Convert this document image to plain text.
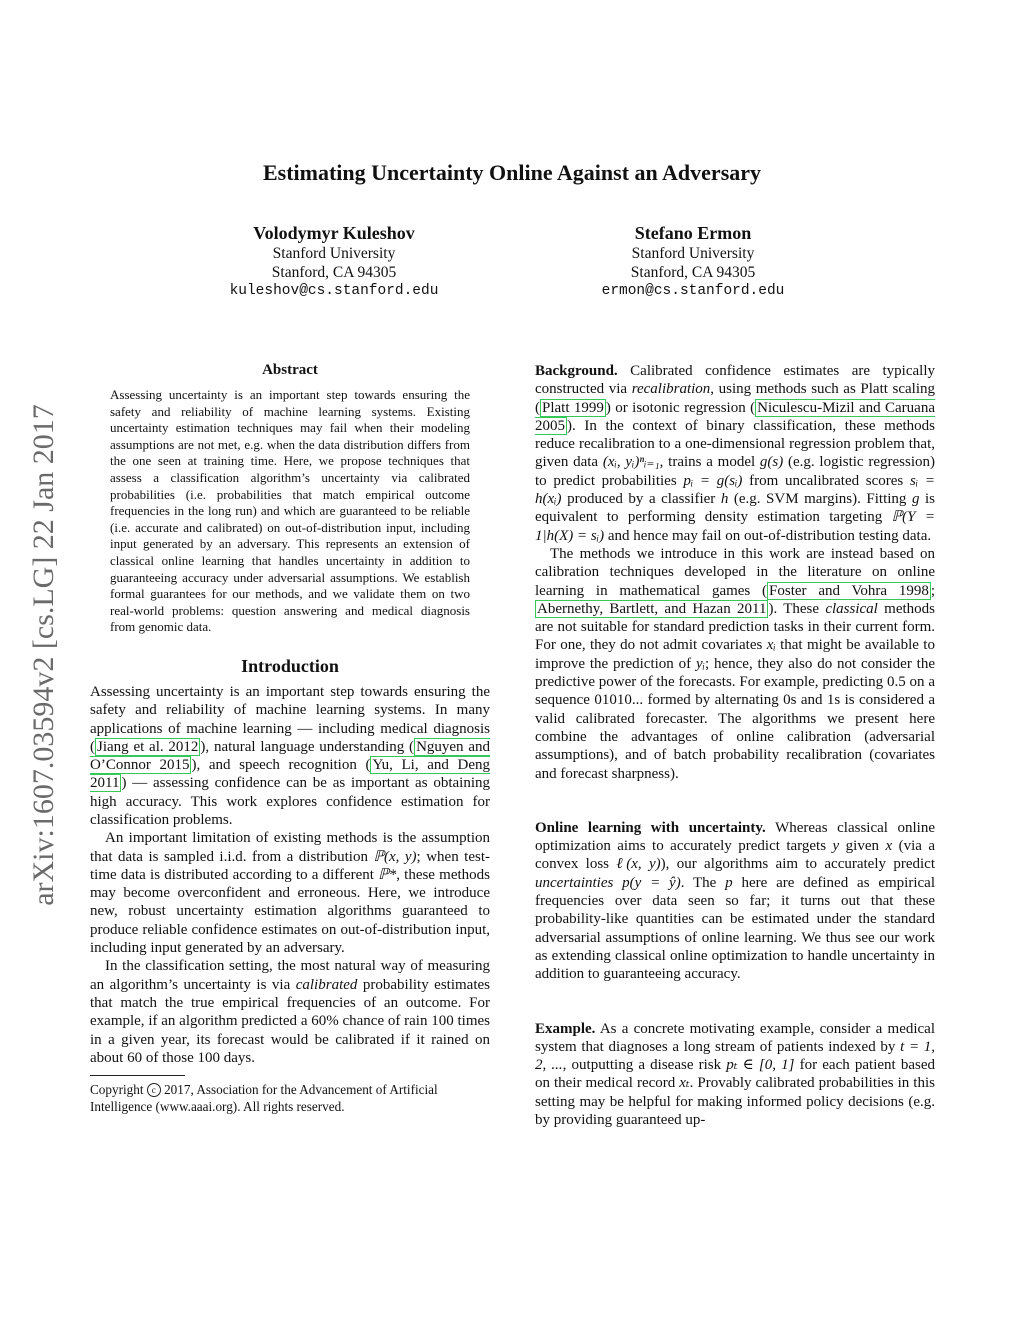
Estimating Uncertainty Online Against an Adversary
Volodymyr Kuleshov
Stanford University
Stanford, CA 94305
kuleshov@cs.stanford.edu
Stefano Ermon
Stanford University
Stanford, CA 94305
ermon@cs.stanford.edu
arXiv:1607.03594v2 [cs.LG] 22 Jan 2017
Abstract
Assessing uncertainty is an important step towards ensuring the safety and reliability of machine learning systems. Existing uncertainty estimation techniques may fail when their modeling assumptions are not met, e.g. when the data distribution differs from the one seen at training time. Here, we propose techniques that assess a classification algorithm’s uncertainty via calibrated probabilities (i.e. probabilities that match empirical outcome frequencies in the long run) and which are guaranteed to be reliable (i.e. accurate and calibrated) on out-of-distribution input, including input generated by an adversary. This represents an extension of classical online learning that handles uncertainty in addition to guaranteeing accuracy under adversarial assumptions. We establish formal guarantees for our methods, and we validate them on two real-world problems: question answering and medical diagnosis from genomic data.
Introduction

Assessing uncertainty is an important step towards ensuring the safety and reliability of machine learning systems. In many applications of machine learning — including medical diagnosis ( Jiang et al. 2012 ), natural language understanding ( Nguyen and O’Connor 2015 ), and speech recognition ( Yu, Li, and Deng 2011 ) — assessing confidence can be as important as obtaining high accuracy. This work explores confidence estimation for classification problems.

An important limitation of existing methods is the assumption that data is sampled i.i.d. from a distribution ℙ(x, y); when test-time data is distributed according to a different ℙ*, these methods may become overconfident and erroneous. Here, we introduce new, robust uncertainty estimation algorithms guaranteed to produce reliable confidence estimates on out-of-distribution input, including input generated by an adversary.

In the classification setting, the most natural way of measuring an algorithm’s uncertainty is via calibrated probability estimates that match the true empirical frequencies of an outcome. For example, if an algorithm predicted a 60% chance of rain 100 times in a given year, its forecast would be calibrated if it rained on about 60 of those 100 days.

Copyright c 2017, Association for the Advancement of Artificial Intelligence (www.aaai.org). All rights reserved.

Background. Calibrated confidence estimates are typically constructed via recalibration, using methods such as Platt scaling ( Platt 1999 ) or isotonic regression ( Niculescu-Mizil and Caruana 2005 ). In the context of binary classification, these methods reduce recalibration to a one-dimensional regression problem that, given data (xᵢ, yᵢ)ⁿᵢ₌₁, trains a model g(s) (e.g. logistic regression) to predict probabilities pᵢ = g(sᵢ) from uncalibrated scores sᵢ = h(xᵢ) produced by a classifier h (e.g. SVM margins). Fitting g is equivalent to performing density estimation targeting ℙ(Y = 1|h(X) = sᵢ) and hence may fail on out-of-distribution testing data.

The methods we introduce in this work are instead based on calibration techniques developed in the literature on online learning in mathematical games ( Foster and Vohra 1998 ; Abernethy, Bartlett, and Hazan 2011 ). These classical methods are not suitable for standard prediction tasks in their current form. For one, they do not admit covariates xᵢ that might be available to improve the prediction of yᵢ; hence, they also do not consider the predictive power of the forecasts. For example, predicting 0.5 on a sequence 01010... formed by alternating 0s and 1s is considered a valid calibrated forecaster. The algorithms we present here combine the advantages of online calibration (adversarial assumptions), and of batch probability recalibration (covariates and forecast sharpness).

Online learning with uncertainty. Whereas classical online optimization aims to accurately predict targets y given x (via a convex loss ℓ(x, y)), our algorithms aim to accurately predict uncertainties p(y = ŷ). The p here are defined as empirical frequencies over data seen so far; it turns out that these probability-like quantities can be estimated under the standard adversarial assumptions of online learning. We thus see our work as extending classical online optimization to handle uncertainty in addition to guaranteeing accuracy.

Example. As a concrete motivating example, consider a medical system that diagnoses a long stream of patients indexed by t = 1, 2, ..., outputting a disease risk pₜ ∈ [0, 1] for each patient based on their medical record xₜ. Provably calibrated probabilities in this setting may be helpful for making informed policy decisions (e.g. by providing guaranteed up-
